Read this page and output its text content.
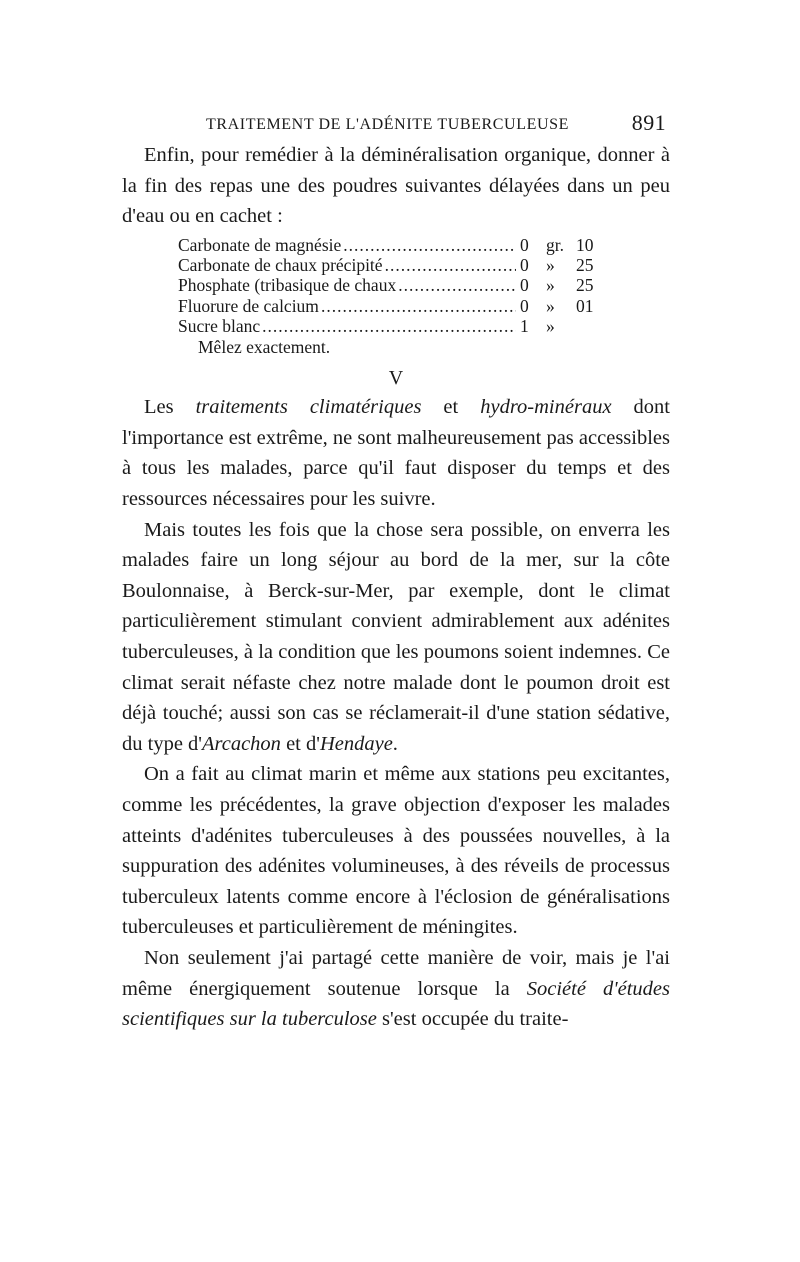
TRAITEMENT DE L'ADÉNITE TUBERCULEUSE	891

Enfin, pour remédier à la déminéralisation organique, donner à la fin des repas une des poudres suivantes délayées dans un peu d'eau ou en cachet :

Carbonate de magnésie .....	0 gr. 10
Carbonate de chaux précipité .....	0 »	25
Phosphate (tribasique de chaux .....	0 »	25
Fluorure de calcium .....	0 »	01
Sucre blanc .....	1 »
Mêlez exactement.
V

Les traitements climatériques et hydro-minéraux dont l'importance est extrême, ne sont malheureusement pas accessibles à tous les malades, parce qu'il faut disposer du temps et des ressources nécessaires pour les suivre.

Mais toutes les fois que la chose sera possible, on enverra les malades faire un long séjour au bord de la mer, sur la côte Boulonnaise, à Berck-sur-Mer, par exemple, dont le climat particulièrement stimulant convient admirablement aux adénites tuberculeuses, à la condition que les poumons soient indemnes. Ce climat serait néfaste chez notre malade dont le poumon droit est déjà touché; aussi son cas se réclamerait-il d'une station sédative, du type d'Arcachon et d'Hendaye.

On a fait au climat marin et même aux stations peu excitantes, comme les précédentes, la grave objection d'exposer les malades atteints d'adénites tuberculeuses à des poussées nouvelles, à la suppuration des adénites volumineuses, à des réveils de processus tuberculeux latents comme encore à l'éclosion de généralisations tuberculeuses et particulièrement de méningites.

Non seulement j'ai partagé cette manière de voir, mais je l'ai même énergiquement soutenue lorsque la Société d'études scientifiques sur la tuberculose s'est occupée du traite-
